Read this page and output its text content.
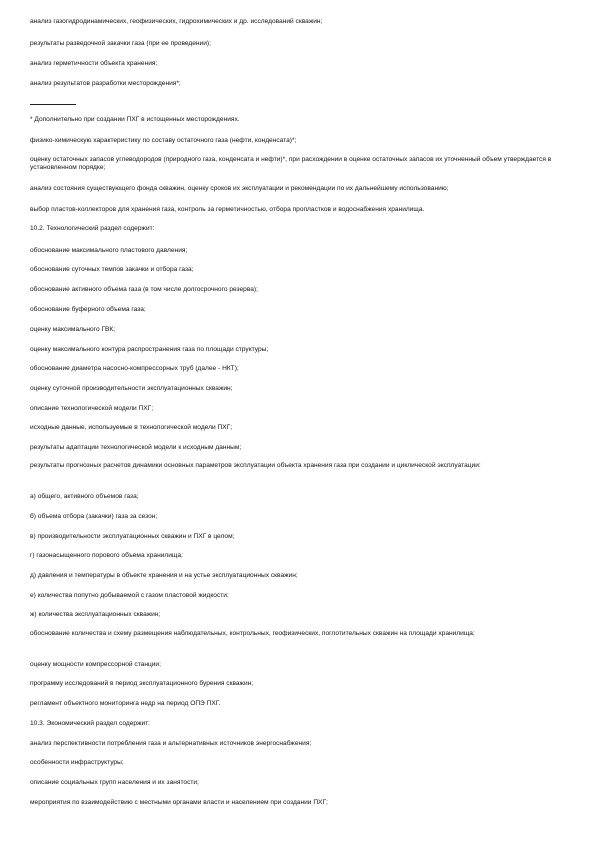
анализ газогидродинамических, геофизических, гидрохимических и др. исследований скважин;

результаты разведочной закачки газа (при ее проведении);

анализ герметичности объекта хранения;

анализ результатов разработки месторождения*;

* Дополнительно при создании ПХГ в истощенных месторождениях.

физико-химическую характеристику по составу остаточного газа (нефти, конденсата)*;

оценку остаточных запасов углеводородов (природного газа, конденсата и нефти)*, при расхождении в оценке остаточных запасов их уточненный объем утверждается в установленном порядке;

анализ состояния существующего фонда скважин, оценку сроков их эксплуатации и рекомендации по их дальнейшему использованию;

выбор пластов-коллекторов для хранения газа, контроль за герметичностью, отбора пропластков и водоснабжения хранилища.

10.2. Технологический раздел содержит:

обоснование максимального пластового давления;

обоснование суточных темпов закачки и отбора газа;

обоснование активного объема газа (в том числе долгосрочного резерва);

обоснование буферного объема газа;

оценку максимального ГВК;

оценку максимального контура распространения газа по площади структуры;

обоснование диаметра насосно-компрессорных труб (далее - НКТ);

оценку суточной производительности эксплуатационных скважин;

описание технологической модели ПХГ;

исходные данные, используемые в технологической модели ПХГ;

результаты адаптации технологической модели к исходным данным;

результаты прогнозных расчетов динамики основных параметров эксплуатации объекта хранения газа при создании и циклической эксплуатации:

а) общего, активного объемов газа;

б) объема отбора (закачки) газа за сезон;

в) производительности эксплуатационных скважин и ПХГ в целом;

г) газонасыщенного порового объема хранилища;

д) давления и температуры в объекте хранения и на устье эксплуатационных скважин;

е) количества попутно добываемой с газом пластовой жидкости;

ж) количества эксплуатационных скважин;

обоснование количества и схему размещения наблюдательных, контрольных, геофизических, поглотительных скважин на площади хранилища;

оценку мощности компрессорной станции;

программу исследований в период эксплуатационного бурения скважин;

регламент объектного мониторинга недр на период ОПЭ ПХГ.

10.3. Экономический раздел содержит:

анализ перспективности потребления газа и альтернативных источников энергоснабжения;

особенности инфраструктуры;

описание социальных групп населения и их занятости;

мероприятия по взаимодействию с местными органами власти и населением при создании ПХГ;
